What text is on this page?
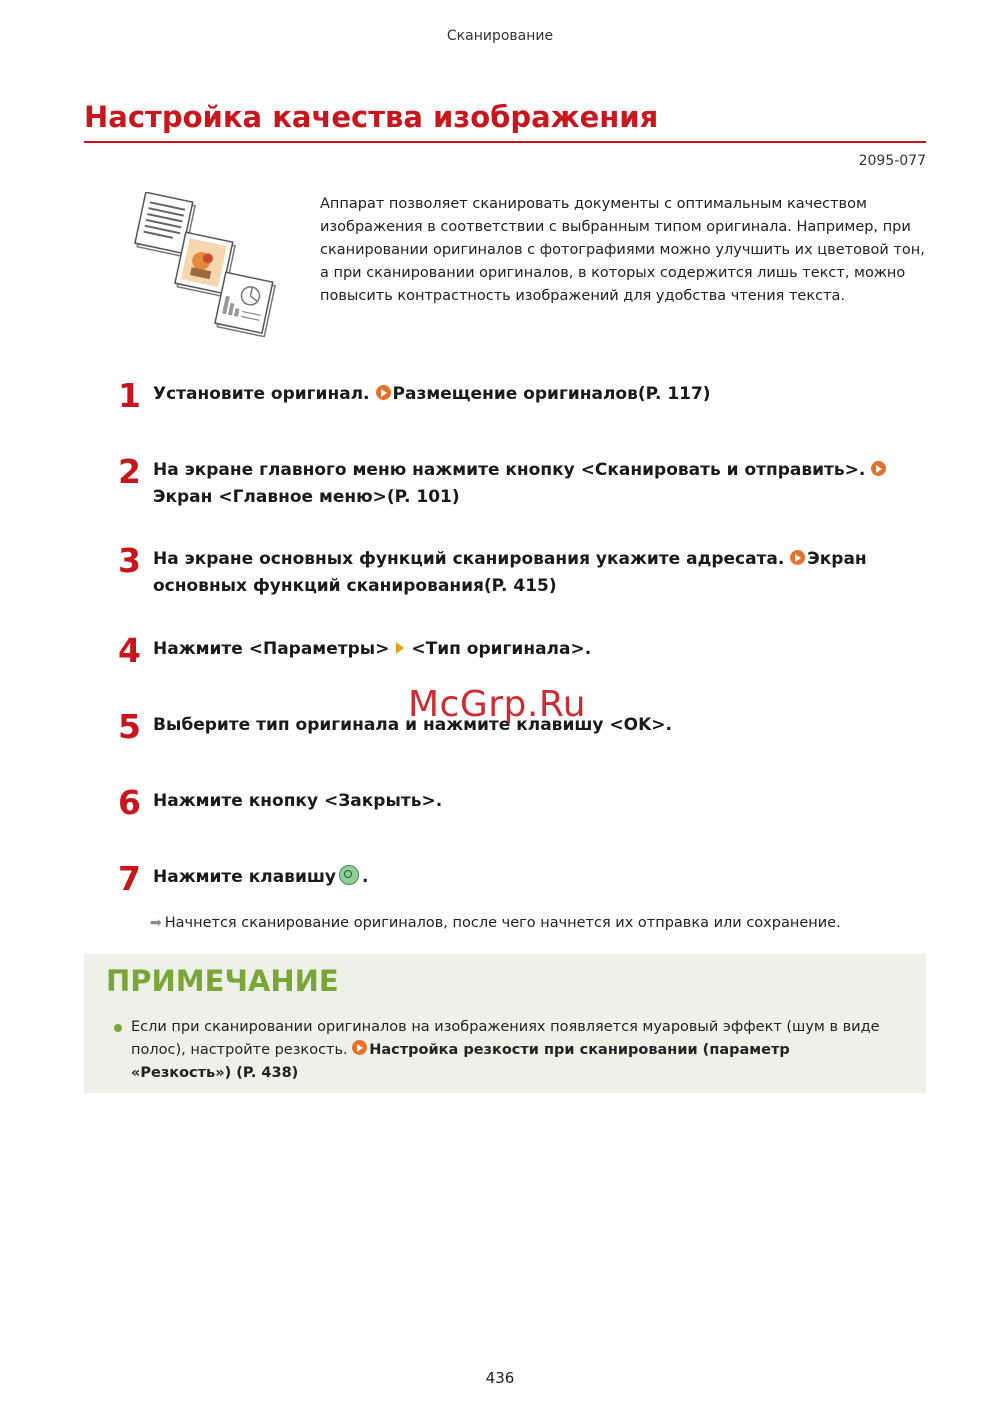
Сканирование
Настройка качества изображения
2095-077
Аппарат позволяет сканировать документы с оптимальным качеством изображения в соответствии с выбранным типом оригинала. Например, при сканировании оригиналов с фотографиями можно улучшить их цветовой тон, а при сканировании оригиналов, в которых содержится лишь текст, можно повысить контрастность изображений для удобства чтения текста.
1 Установите оригинал. Размещение оригиналов(P. 117)
2 На экране главного меню нажмите кнопку <Сканировать и отправить>. Экран <Главное меню>(P. 101)
3 На экране основных функций сканирования укажите адресата. Экран основных функций сканирования(P. 415)
4 Нажмите <Параметры> <Тип оригинала>.
5 Выберите тип оригинала и нажмите клавишу <OK>.
6 Нажмите кнопку <Закрыть>.
7 Нажмите клавишу .
➡ Начнется сканирование оригиналов, после чего начнется их отправка или сохранение.
McGrp.Ru
ПРИМЕЧАНИЕ
Если при сканировании оригиналов на изображениях появляется муаровый эффект (шум в виде полос), настройте резкость. Настройка резкости при сканировании (параметр «Резкость») (P. 438)
436
